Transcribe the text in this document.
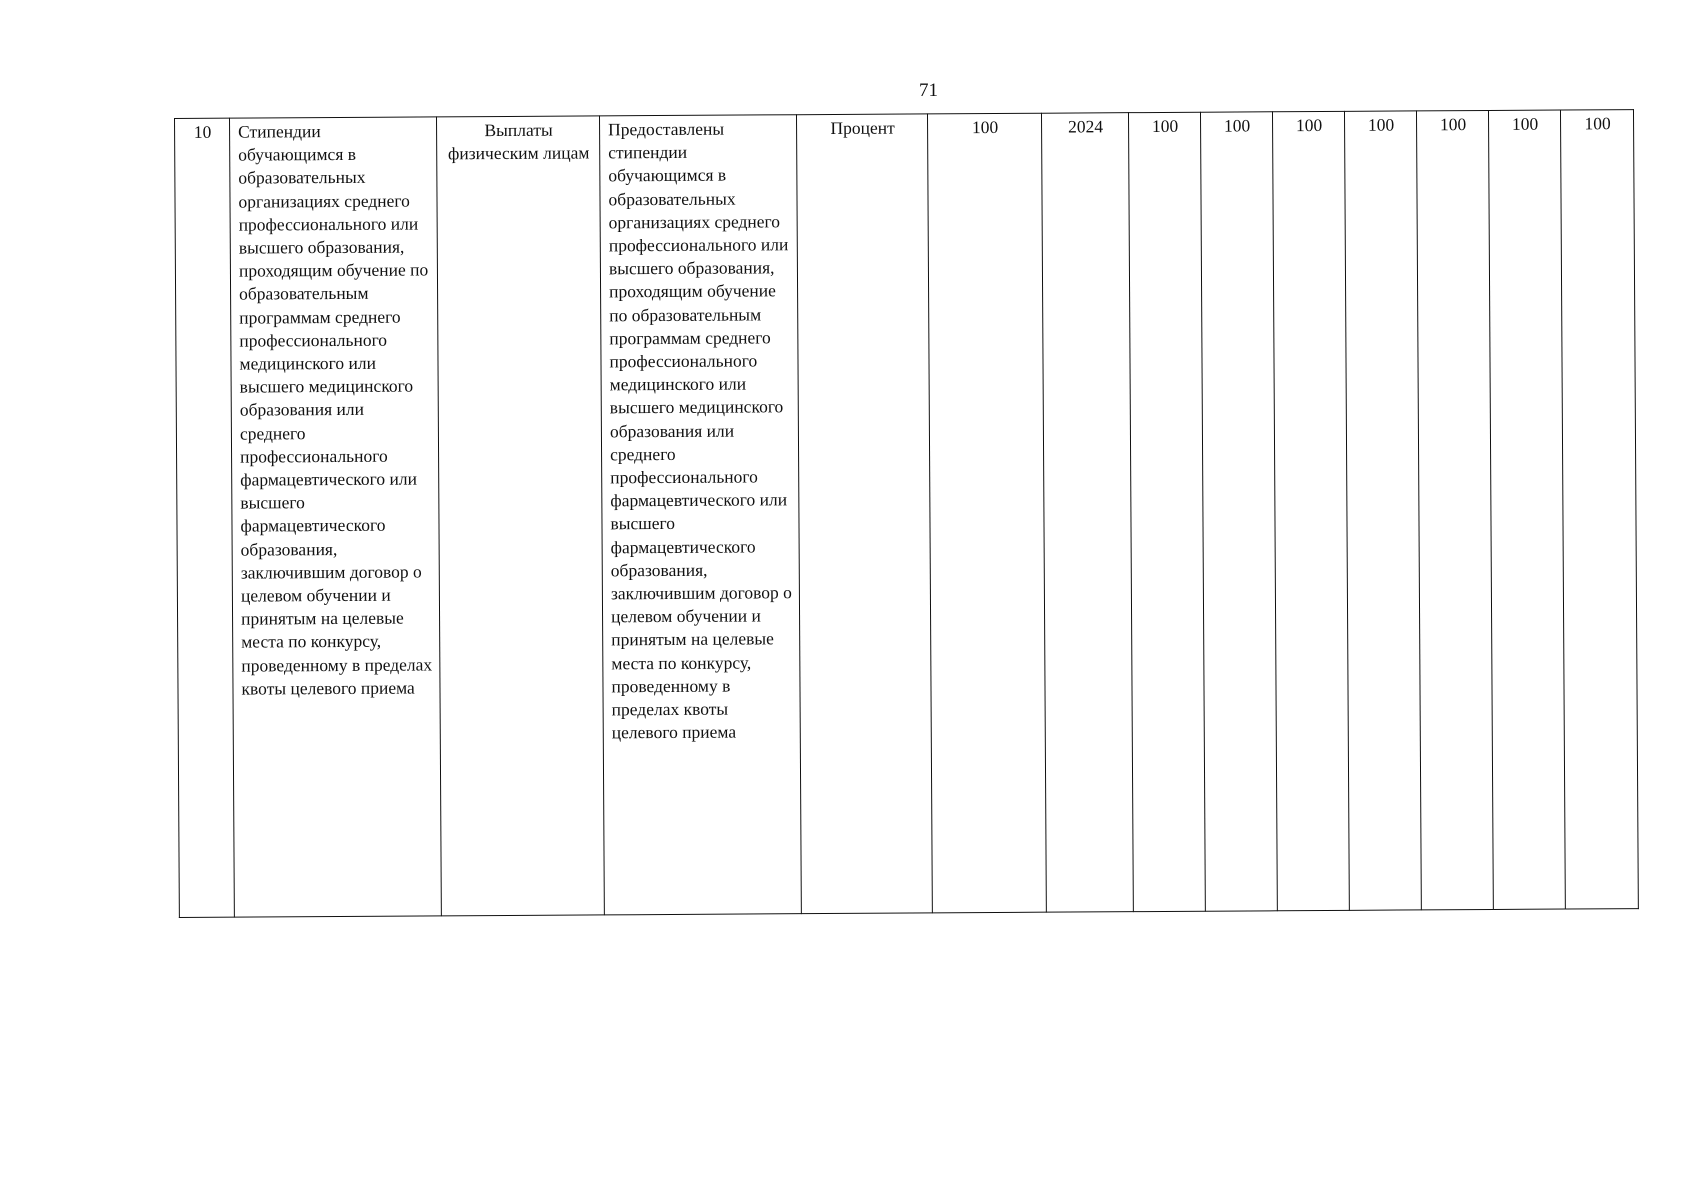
71
10	Стипендии обучающимся в образовательных организациях среднего профессионального или высшего образования, проходящим обучение по образовательным программам среднего профессионального медицинского или высшего медицинского образования или среднего профессионального фармацевтического или высшего фармацевтического образования, заключившим договор о целевом обучении и принятым на целевые места по конкурсу, проведенному в пределах квоты целевого приема	Выплаты физическим лицам	Предоставлены стипендии обучающимся в образовательных организациях среднего профессионального или высшего образования, проходящим обучение по образовательным программам среднего профессионального медицинского или высшего медицинского образования или среднего профессионального фармацевтического или высшего фармацевтического образования, заключившим договор о целевом обучении и принятым на целевые места по конкурсу, проведенному в пределах квоты целевого приема	Процент	100	2024	100	100	100	100	100	100	100
